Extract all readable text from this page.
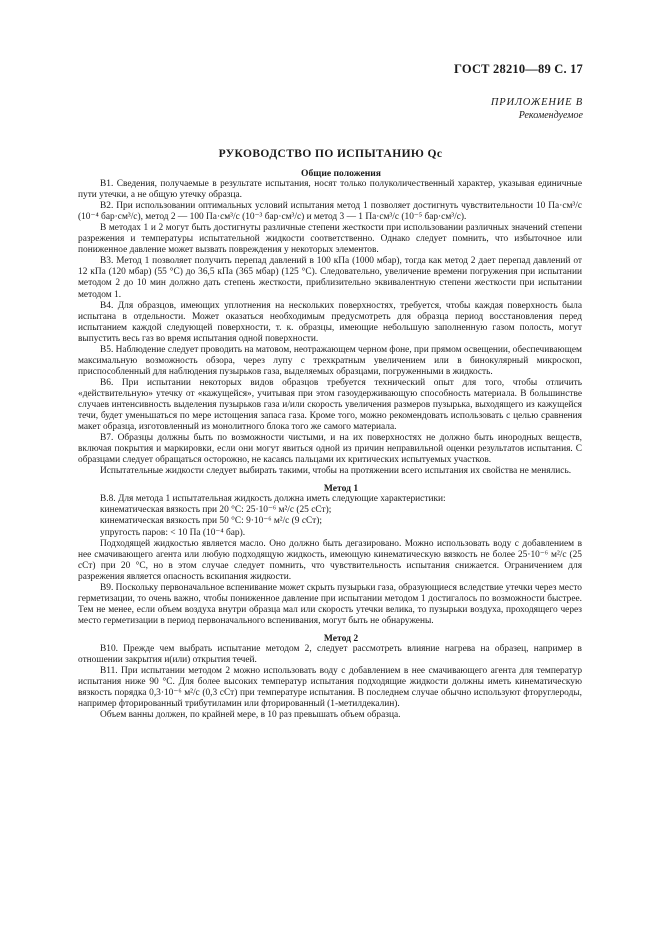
ГОСТ 28210—89 С. 17
ПРИЛОЖЕНИЕ В
Рекомендуемое
РУКОВОДСТВО ПО ИСПЫТАНИЮ Qc

Общие положения

В1. Сведения, получаемые в результате испытания, носят только полуколичественный характер, указывая единичные пути утечки, а не общую утечку образца.

В2. При использовании оптимальных условий испытания метод 1 позволяет достигнуть чувствительности 10 Па·см³/с (10⁻⁴ бар·см³/с), метод 2 — 100 Па·см³/с (10⁻³ бар·см³/с) и метод 3 — 1 Па·см³/с (10⁻⁵ бар·см³/с).

В методах 1 и 2 могут быть достигнуты различные степени жесткости при использовании различных значений степени разрежения и температуры испытательной жидкости соответственно. Однако следует помнить, что избыточное или пониженное давление может вызвать повреждения у некоторых элементов.

В3. Метод 1 позволяет получить перепад давлений в 100 кПа (1000 мбар), тогда как метод 2 дает перепад давлений от 12 кПа (120 мбар) (55 °С) до 36,5 кПа (365 мбар) (125 °С). Следовательно, увеличение времени погружения при испытании методом 2 до 10 мин должно дать степень жесткости, приблизительно эквивалентную степени жесткости при испытании методом 1.

В4. Для образцов, имеющих уплотнения на нескольких поверхностях, требуется, чтобы каждая поверхность была испытана в отдельности. Может оказаться необходимым предусмотреть для образца период восстановления перед испытанием каждой следующей поверхности, т. к. образцы, имеющие небольшую заполненную газом полость, могут выпустить весь газ во время испытания одной поверхности.

В5. Наблюдение следует проводить на матовом, неотражающем черном фоне, при прямом освещении, обеспечивающем максимальную возможность обзора, через лупу с трехкратным увеличением или в бинокулярный микроскоп, приспособленный для наблюдения пузырьков газа, выделяемых образцами, погруженными в жидкость.

В6. При испытании некоторых видов образцов требуется технический опыт для того, чтобы отличить «действительную» утечку от «кажущейся», учитывая при этом газоудерживающую способность материала. В большинстве случаев интенсивность выделения пузырьков газа и/или скорость увеличения размеров пузырька, выходящего из кажущейся течи, будет уменьшаться по мере истощения запаса газа. Кроме того, можно рекомендовать использовать с целью сравнения макет образца, изготовленный из монолитного блока того же самого материала.

В7. Образцы должны быть по возможности чистыми, и на их поверхностях не должно быть инородных веществ, включая покрытия и маркировки, если они могут явиться одной из причин неправильной оценки результатов испытания. С образцами следует обращаться осторожно, не касаясь пальцами их критических испытуемых участков.

Испытательные жидкости следует выбирать такими, чтобы на протяжении всего испытания их свойства не менялись.

Метод 1

В.8. Для метода 1 испытательная жидкость должна иметь следующие характеристики:

кинематическая вязкость при 20 °С: 25·10⁻⁶ м²/с (25 сСт);

кинематическая вязкость при 50 °С: 9·10⁻⁶ м²/с (9 сСт);

упругость паров: < 10 Па (10⁻⁴ бар).

Подходящей жидкостью является масло. Оно должно быть дегазировано. Можно использовать воду с добавлением в нее смачивающего агента или любую подходящую жидкость, имеющую кинематическую вязкость не более 25·10⁻⁶ м²/с (25 сСт) при 20 °С, но в этом случае следует помнить, что чувствительность испытания снижается. Ограничением для разрежения является опасность вскипания жидкости.

В9. Поскольку первоначальное вспенивание может скрыть пузырьки газа, образующиеся вследствие утечки через место герметизации, то очень важно, чтобы пониженное давление при испытании методом 1 достигалось по возможности быстрее. Тем не менее, если объем воздуха внутри образца мал или скорость утечки велика, то пузырьки воздуха, проходящего через место герметизации в период первоначального вспенивания, могут быть не обнаружены.

Метод 2

В10. Прежде чем выбрать испытание методом 2, следует рассмотреть влияние нагрева на образец, например в отношении закрытия и(или) открытия течей.

В11. При испытании методом 2 можно использовать воду с добавлением в нее смачивающего агента для температур испытания ниже 90 °С. Для более высоких температур испытания подходящие жидкости должны иметь кинематическую вязкость порядка 0,3·10⁻⁶ м²/с (0,3 сСт) при температуре испытания. В последнем случае обычно используют фторуглероды, например фторированный трибутиламин или фторированный (1-метилдекалин).

Объем ванны должен, по крайней мере, в 10 раз превышать объем образца.
